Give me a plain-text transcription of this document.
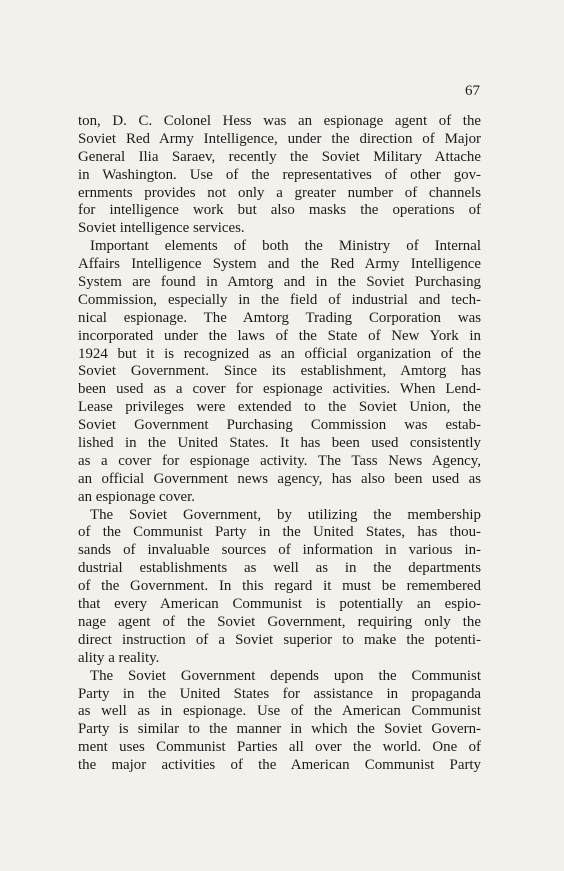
67
ton, D. C. Colonel Hess was an espionage agent of the
Soviet Red Army Intelligence, under the direction of Major
General Ilia Saraev, recently the Soviet Military Attache
in Washington. Use of the representatives of other gov-
ernments provides not only a greater number of channels
for intelligence work but also masks the operations of
Soviet intelligence services.
Important elements of both the Ministry of Internal
Affairs Intelligence System and the Red Army Intelligence
System are found in Amtorg and in the Soviet Purchasing
Commission, especially in the field of industrial and tech-
nical espionage. The Amtorg Trading Corporation was
incorporated under the laws of the State of New York in
1924 but it is recognized as an official organization of the
Soviet Government. Since its establishment, Amtorg has
been used as a cover for espionage activities. When Lend-
Lease privileges were extended to the Soviet Union, the
Soviet Government Purchasing Commission was estab-
lished in the United States. It has been used consistently
as a cover for espionage activity. The Tass News Agency,
an official Government news agency, has also been used as
an espionage cover.
The Soviet Government, by utilizing the membership
of the Communist Party in the United States, has thou-
sands of invaluable sources of information in various in-
dustrial establishments as well as in the departments
of the Government. In this regard it must be remembered
that every American Communist is potentially an espio-
nage agent of the Soviet Government, requiring only the
direct instruction of a Soviet superior to make the potenti-
ality a reality.
The Soviet Government depends upon the Communist
Party in the United States for assistance in propaganda
as well as in espionage. Use of the American Communist
Party is similar to the manner in which the Soviet Govern-
ment uses Communist Parties all over the world. One of
the major activities of the American Communist Party
